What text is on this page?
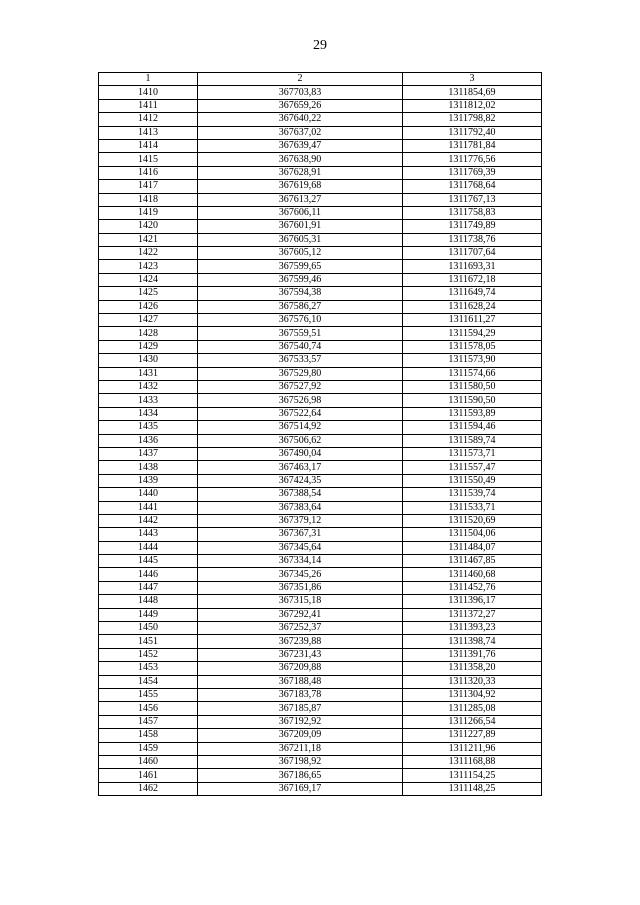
29
1	2	3
1410	367703,83	1311854,69
1411	367659,26	1311812,02
1412	367640,22	1311798,82
1413	367637,02	1311792,40
1414	367639,47	1311781,84
1415	367638,90	1311776,56
1416	367628,91	1311769,39
1417	367619,68	1311768,64
1418	367613,27	1311767,13
1419	367606,11	1311758,83
1420	367601,91	1311749,89
1421	367605,31	1311738,76
1422	367605,12	1311707,64
1423	367599,65	1311693,31
1424	367599,46	1311672,18
1425	367594,38	1311649,74
1426	367586,27	1311628,24
1427	367576,10	1311611,27
1428	367559,51	1311594,29
1429	367540,74	1311578,05
1430	367533,57	1311573,90
1431	367529,80	1311574,66
1432	367527,92	1311580,50
1433	367526,98	1311590,50
1434	367522,64	1311593,89
1435	367514,92	1311594,46
1436	367506,62	1311589,74
1437	367490,04	1311573,71
1438	367463,17	1311557,47
1439	367424,35	1311550,49
1440	367388,54	1311539,74
1441	367383,64	1311533,71
1442	367379,12	1311520,69
1443	367367,31	1311504,06
1444	367345,64	1311484,07
1445	367334,14	1311467,85
1446	367345,26	1311460,68
1447	367351,86	1311452,76
1448	367315,18	1311396,17
1449	367292,41	1311372,27
1450	367252,37	1311393,23
1451	367239,88	1311398,74
1452	367231,43	1311391,76
1453	367209,88	1311358,20
1454	367188,48	1311320,33
1455	367183,78	1311304,92
1456	367185,87	1311285,08
1457	367192,92	1311266,54
1458	367209,09	1311227,89
1459	367211,18	1311211,96
1460	367198,92	1311168,88
1461	367186,65	1311154,25
1462	367169,17	1311148,25
